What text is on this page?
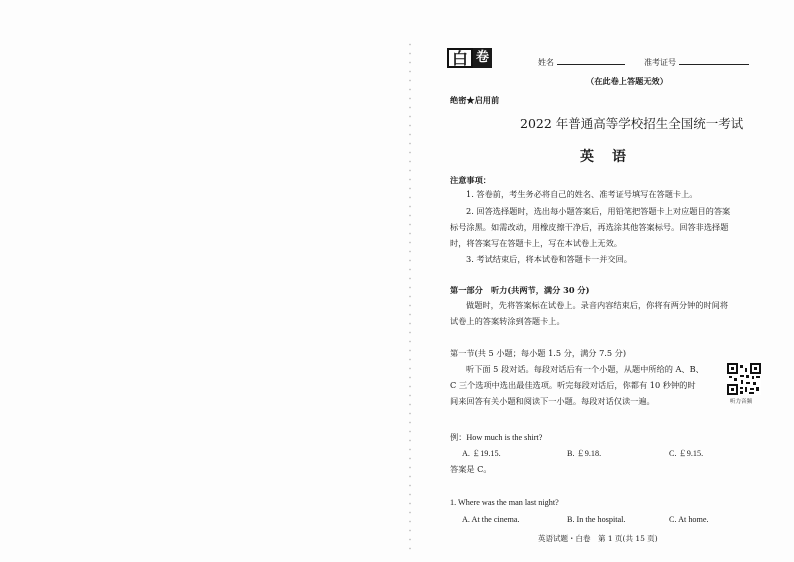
白 卷	姓名	准考证号
（在此卷上答题无效）
绝密★启用前
2022 年普通高等学校招生全国统一考试
英语
注意事项：
1. 答卷前，考生务必将自己的姓名、准考证号填写在答题卡上。
2. 回答选择题时，选出每小题答案后，用铅笔把答题卡上对应题目的答案
标号涂黑。如需改动，用橡皮擦干净后，再选涂其他答案标号。回答非选择题
时，将答案写在答题卡上，写在本试卷上无效。
3. 考试结束后，将本试卷和答题卡一并交回。
第一部分　听力(共两节，满分 30 分)
做题时，先将答案标在试卷上。录音内容结束后，你将有两分钟的时间将
试卷上的答案转涂到答题卡上。
第一节(共 5 小题；每小题 1.5 分，满分 7.5 分)
听下面 5 段对话。每段对话后有一个小题，从题中所给的 A、B、
C 三个选项中选出最佳选项。听完每段对话后，你都有 10 秒钟的时
间来回答有关小题和阅读下一小题。每段对话仅读一遍。	听力音频
例：How much is the shirt?
A. ￡19.15.	B. ￡9.18.	C. ￡9.15.
答案是 C。
1. Where was the man last night?
A. At the cinema.	B. In the hospital.	C. At home.
英语试题・白卷　第 1 页(共 15 页)
